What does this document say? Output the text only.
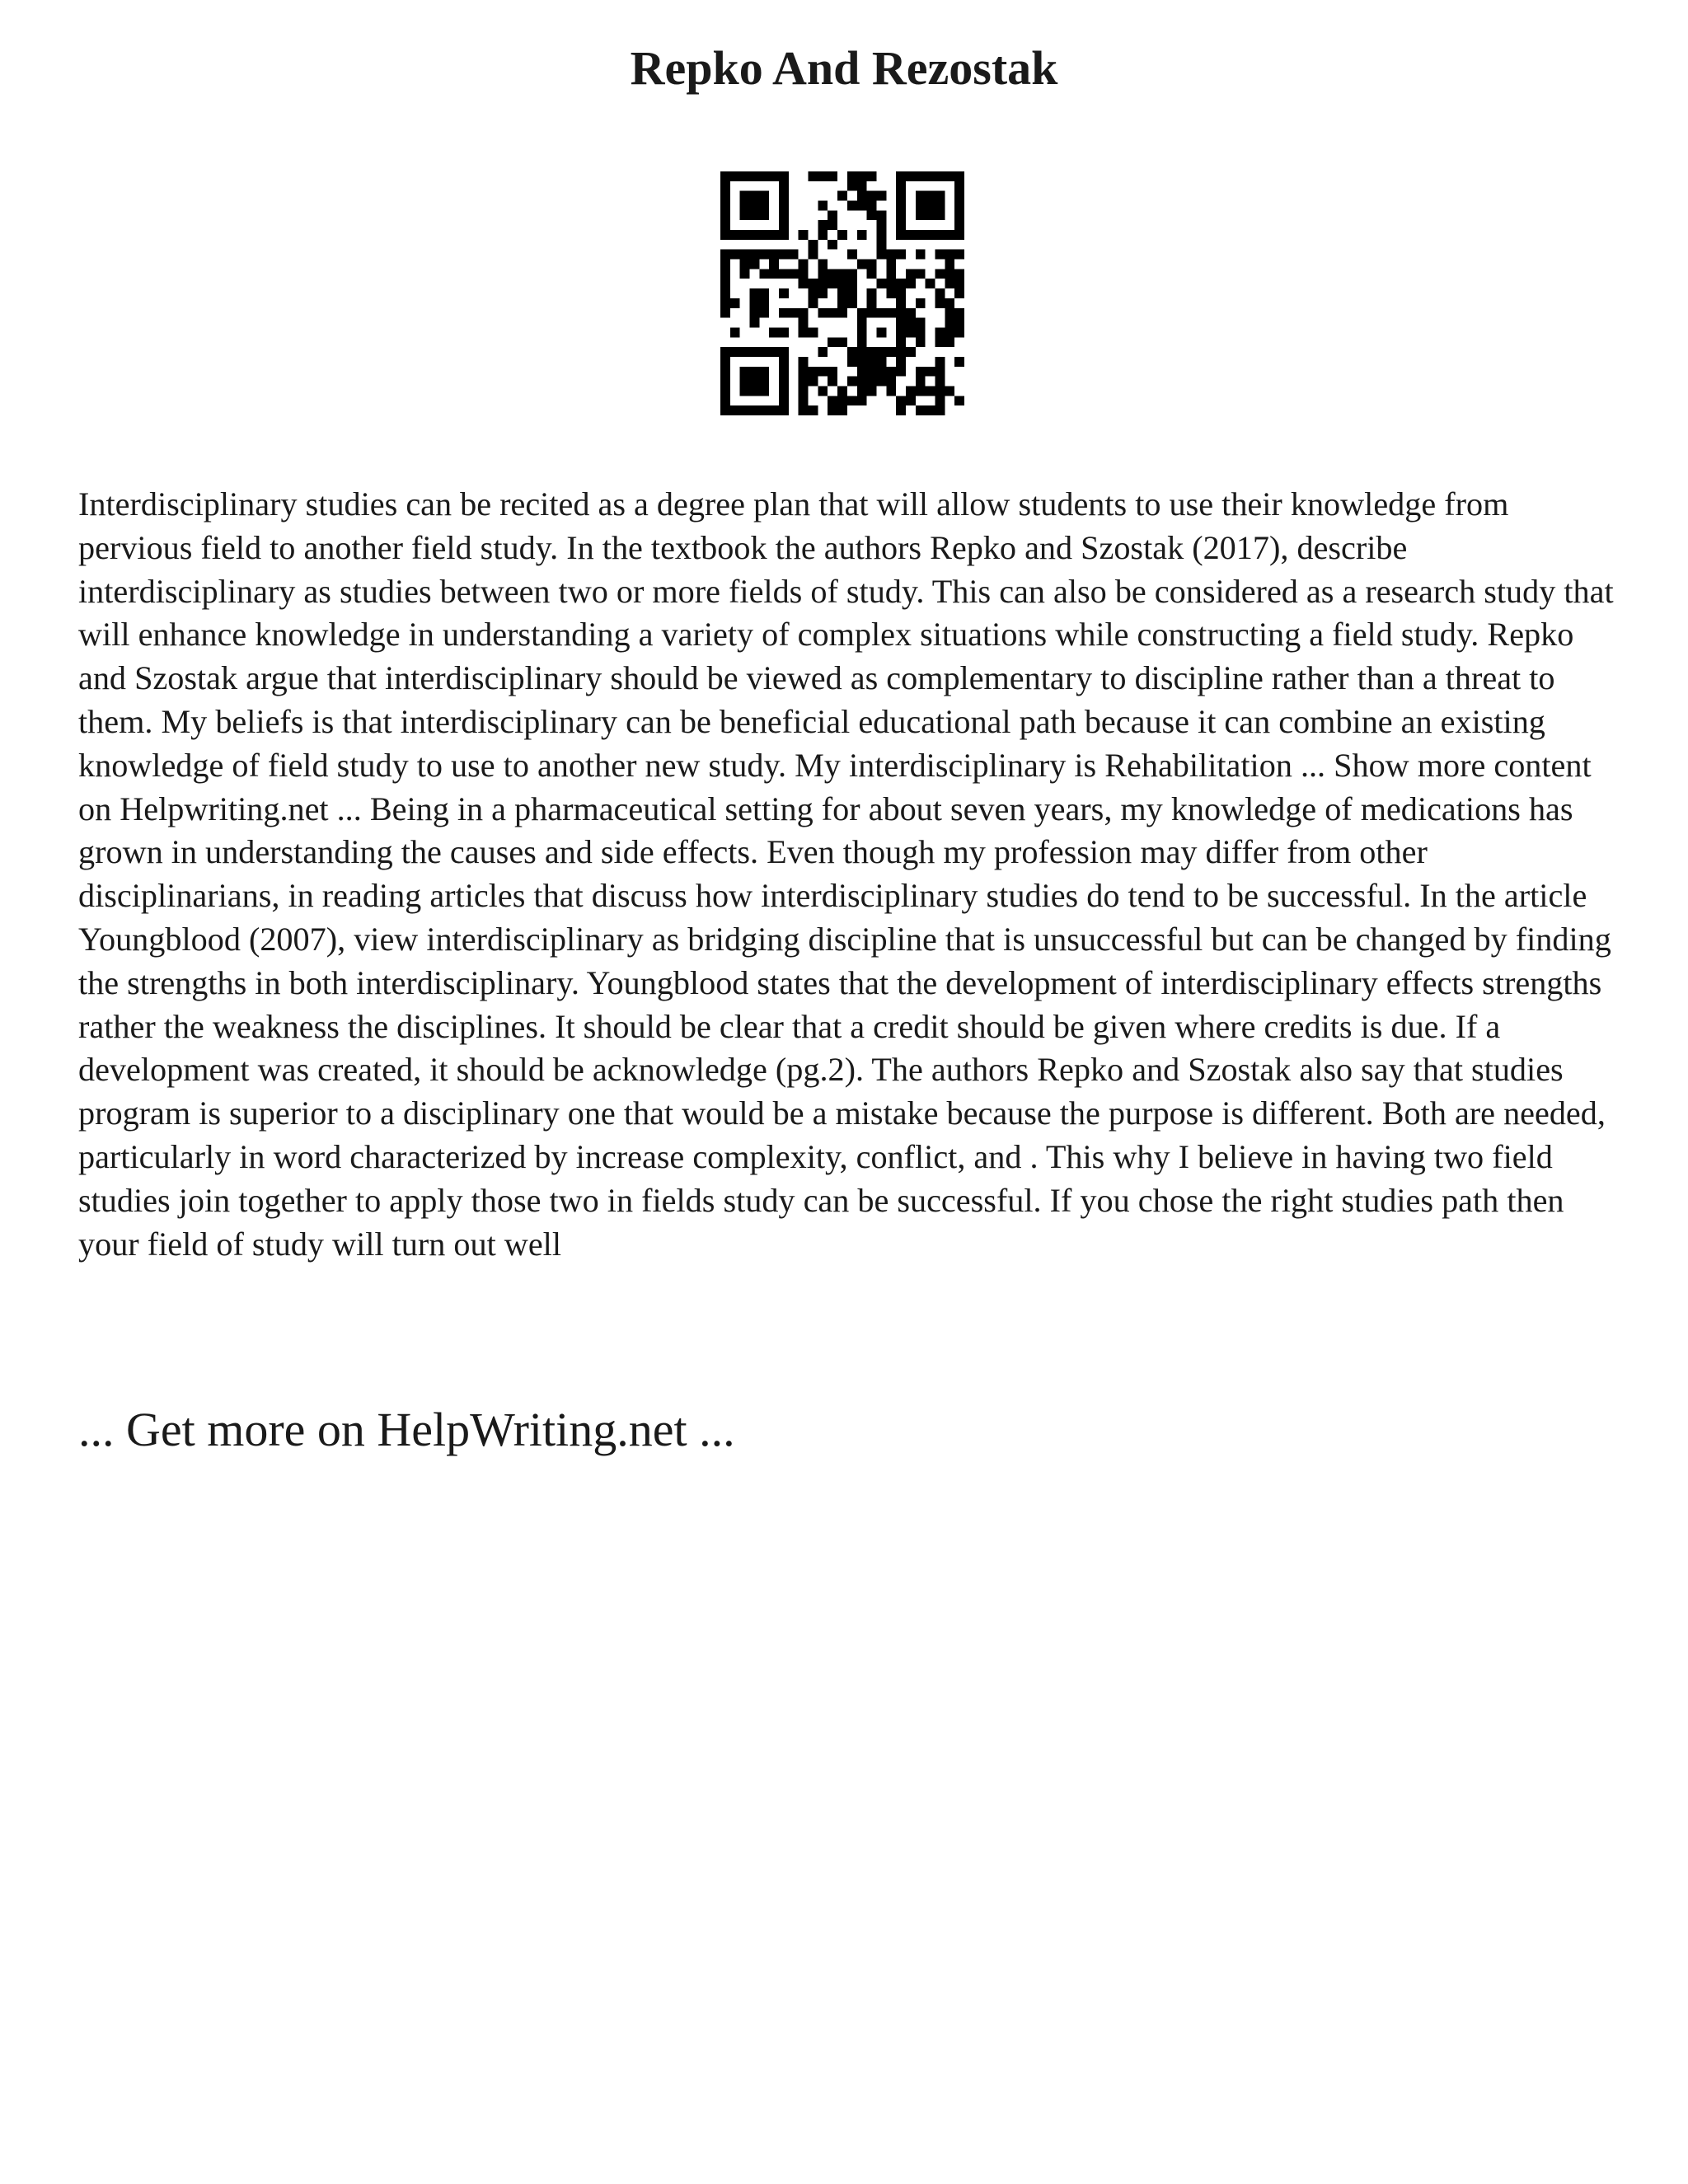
Repko And Rezostak

Interdisciplinary studies can be recited as a degree plan that will allow students to use their knowledge from pervious field to another field study. In the textbook the authors Repko and Szostak (2017), describe interdisciplinary as studies between two or more fields of study. This can also be considered as a research study that will enhance knowledge in understanding a variety of complex situations while constructing a field study. Repko and Szostak argue that interdisciplinary should be viewed as complementary to discipline rather than a threat to them. My beliefs is that interdisciplinary can be beneficial educational path because it can combine an existing knowledge of field study to use to another new study. My interdisciplinary is Rehabilitation ... Show more content on Helpwriting.net ... Being in a pharmaceutical setting for about seven years, my knowledge of medications has grown in understanding the causes and side effects. Even though my profession may differ from other disciplinarians, in reading articles that discuss how interdisciplinary studies do tend to be successful. In the article Youngblood (2007), view interdisciplinary as bridging discipline that is unsuccessful but can be changed by finding the strengths in both interdisciplinary. Youngblood states that the development of interdisciplinary effects strengths rather the weakness the disciplines. It should be clear that a credit should be given where credits is due. If a development was created, it should be acknowledge (pg.2). The authors Repko and Szostak also say that studies program is superior to a disciplinary one that would be a mistake because the purpose is different. Both are needed, particularly in word characterized by increase complexity, conflict, and . This why I believe in having two field studies join together to apply those two in fields study can be successful. If you chose the right studies path then your field of study will turn out well

... Get more on HelpWriting.net ...
